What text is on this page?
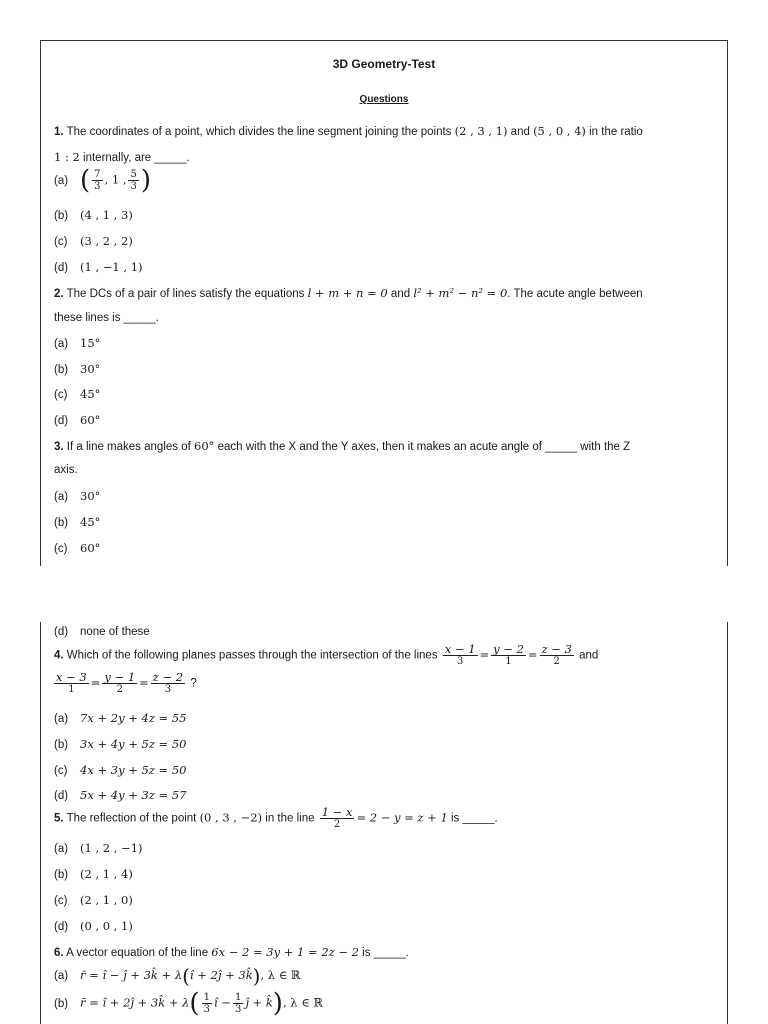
3D Geometry-Test
Questions
1. The coordinates of a point, which divides the line segment joining the points (2 , 3 , 1) and (5 , 0 , 4) in the ratio
1 : 2 internally, are _____.
(a) ( $\frac{7}{3}$ , 1 , $\frac{5}{3}$ )
(b) (4 , 1 , 3)
(c) (3 , 2 , 2)
(d) (1 , −1 , 1)
2. The DCs of a pair of lines satisfy the equations l + m + n = 0 and l² + m² − n² = 0. The acute angle between
these lines is _____.
(a) 15°
(b) 30°
(c) 45°
(d) 60°
3. If a line makes angles of 60° each with the X and the Y axes, then it makes an acute angle of _____ with the Z
axis.
(a) 30°
(b) 45°
(c) 60°
(d) none of these
4. Which of the following planes passes through the intersection of the lines $\frac{x - 1}{3} = \frac{y - 2}{1} = \frac{z - 3}{2}$ and
$\frac{x - 3}{1} = \frac{y - 1}{2} = \frac{z - 2}{3}$ ?
(a) 7x + 2y + 4z = 55
(b) 3x + 4y + 5z = 50
(c) 4x + 3y + 5z = 50
(d) 5x + 4y + 3z = 57
5. The reflection of the point (0 , 3 , −2) in the line $\frac{1 - x}{2} = 2 - y = z + 1$ is _____.
(a) (1 , 2 , −1)
(b) (2 , 1 , 4)
(c) (2 , 1 , 0)
(d) (0 , 0 , 1)
6. A vector equation of the line 6x − 2 = 3y + 1 = 2z − 2 is _____.
(a) r̄ = î − ĵ + 3k̂ + λ(î + 2ĵ + 3k̂), λ ∈ ℝ
(b) r̄ = î + 2ĵ + 3k̂ + $\lambda( \frac{1}{3}$ î − $\frac{1}{3}$ ĵ + k̂), λ ∈ ℝ
